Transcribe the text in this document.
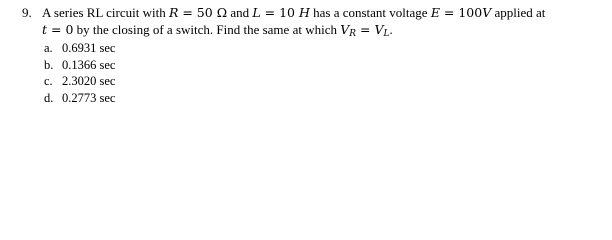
9. A series RL circuit with R = 50 Ω and L = 10 H has a constant voltage E = 100V applied at
t = 0 by the closing of a switch. Find the same at which $V_R = V_L$.
a. 0.6931 sec
b. 0.1366 sec
c. 2.3020 sec
d. 0.2773 sec
